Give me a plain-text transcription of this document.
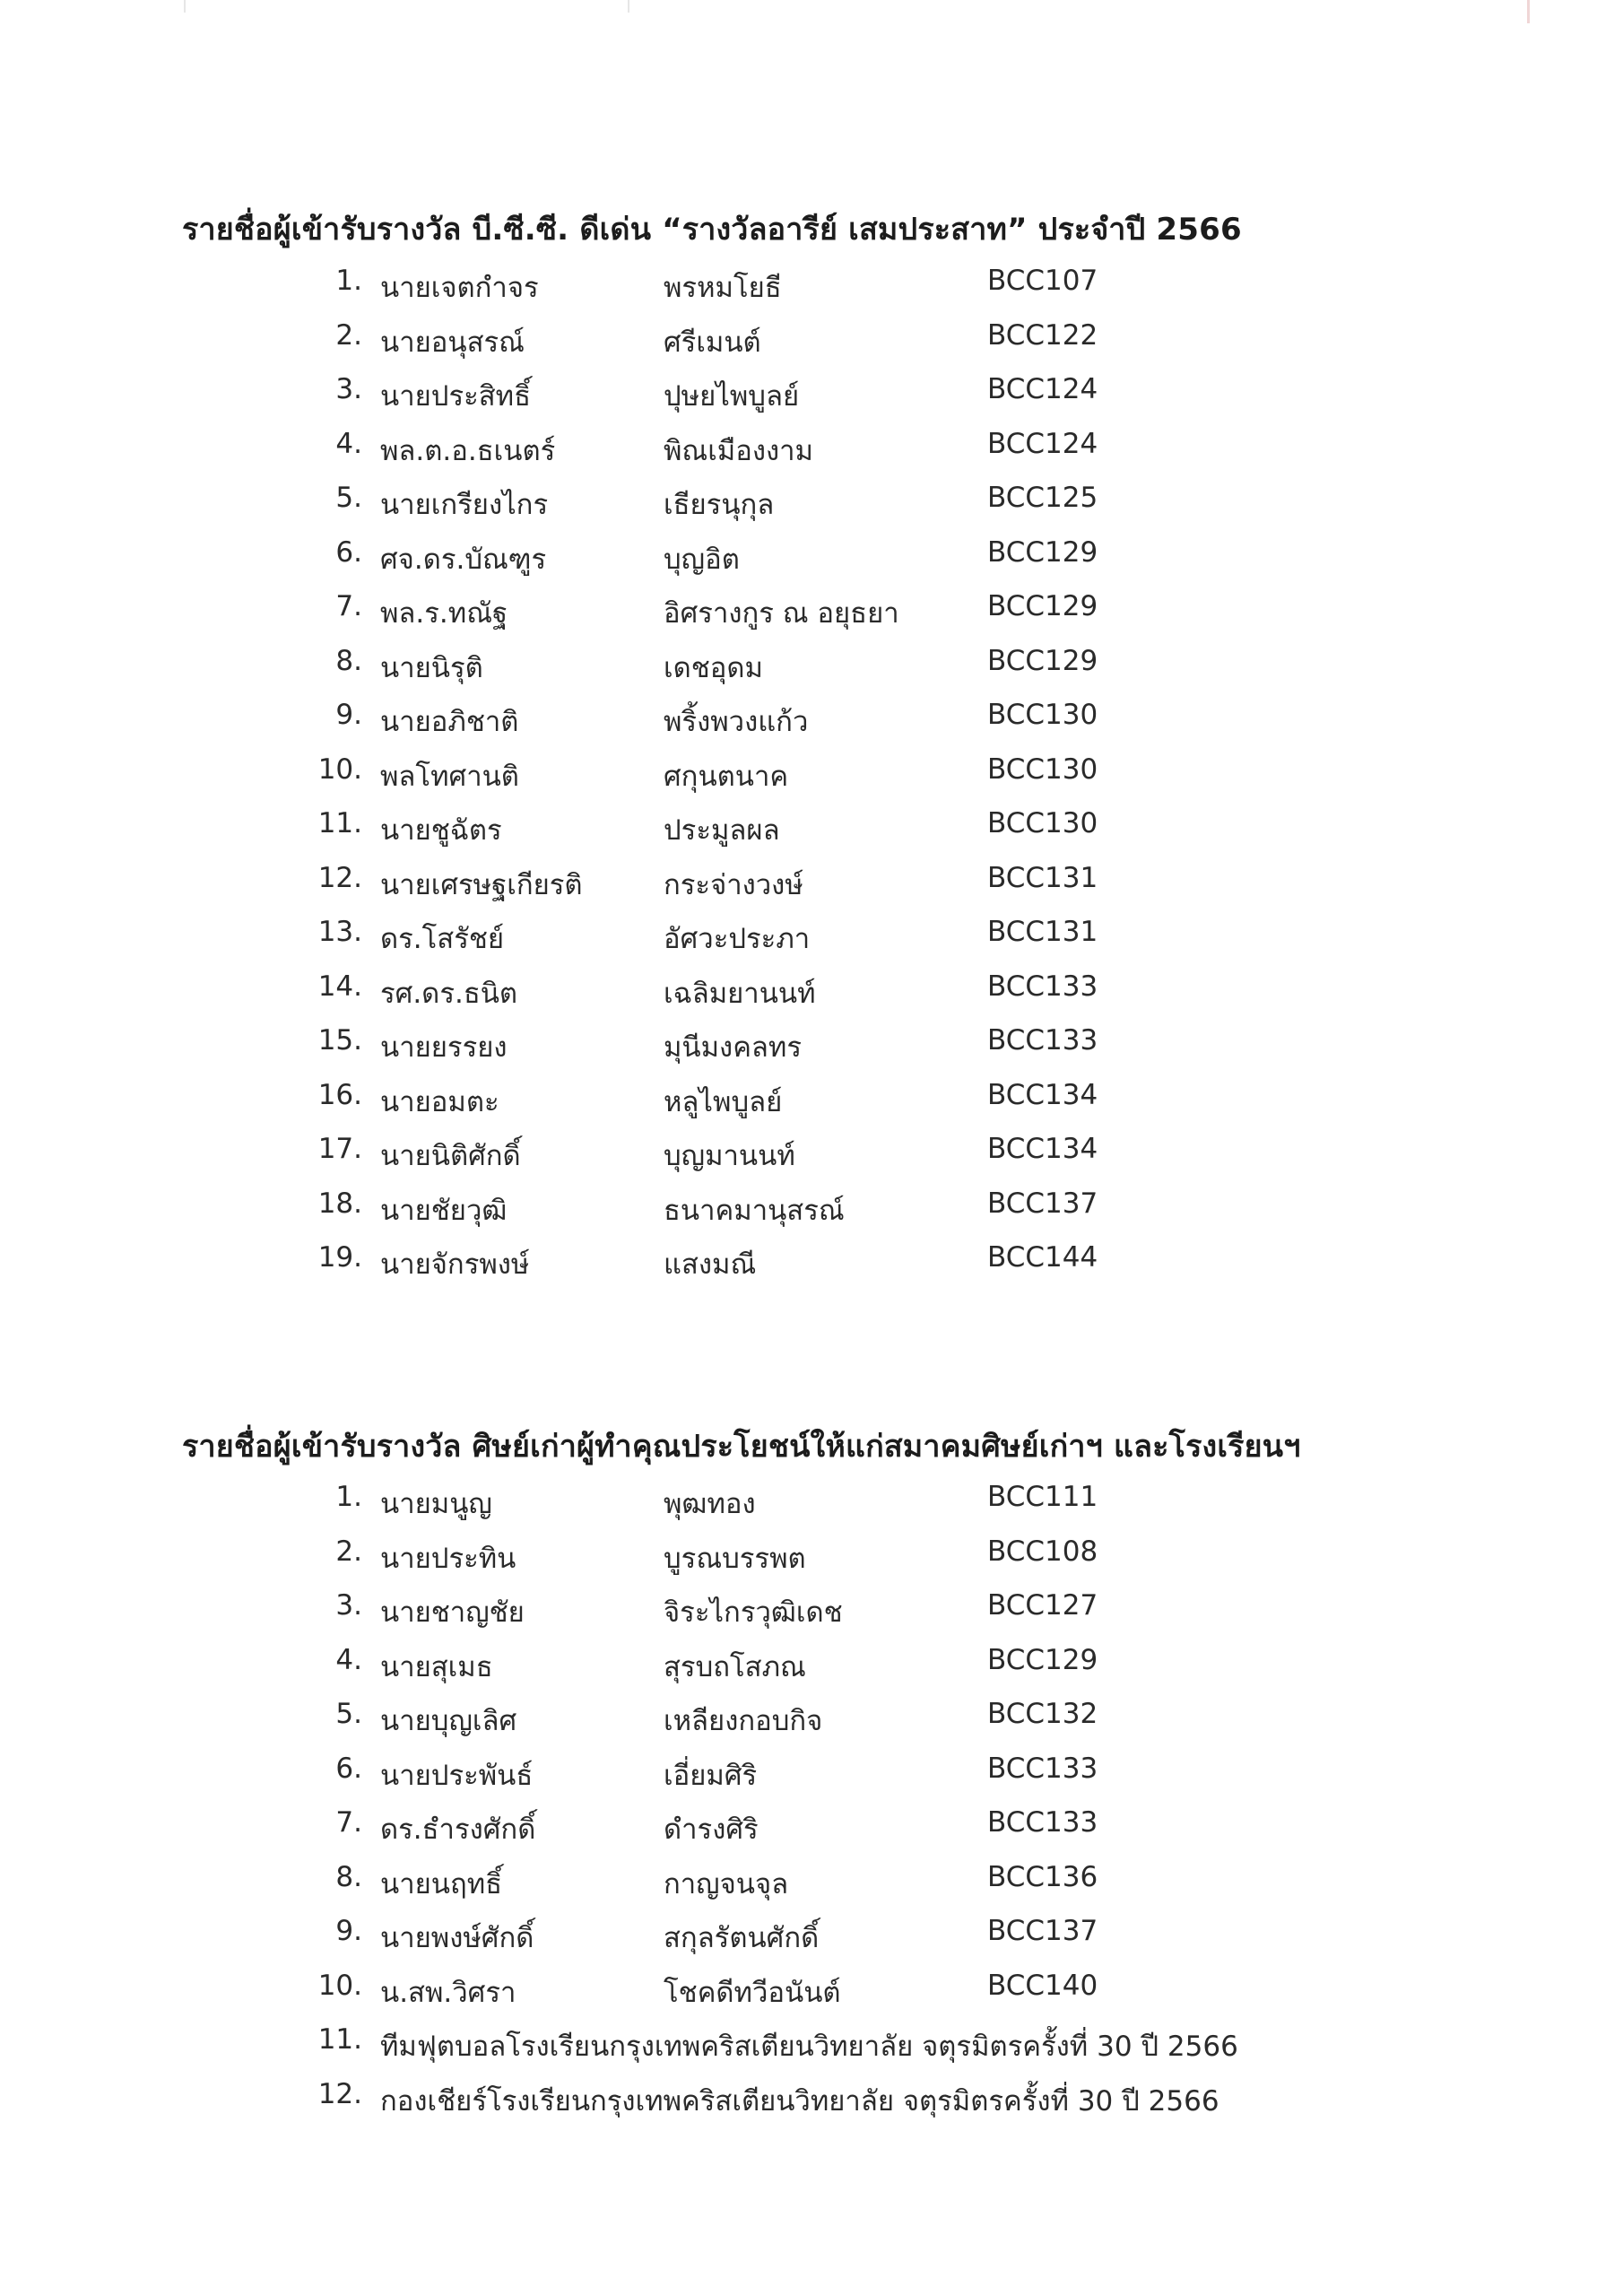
รายชื่อผู้เข้ารับรางวัล บี.ซี.ซี. ดีเด่น “รางวัลอารีย์ เสมประสาท” ประจำปี 2566
1. นายเจตกำจร	พรหมโยธี	BCC107
2. นายอนุสรณ์	ศรีเมนต์	BCC122
3. นายประสิทธิ์	ปุษยไพบูลย์	BCC124
4. พล.ต.อ.ธเนตร์	พิณเมืองงาม	BCC124
5. นายเกรียงไกร	เธียรนุกุล	BCC125
6. ศจ.ดร.บัณฑูร	บุญอิต	BCC129
7. พล.ร.ทณัฐ	อิศรางกูร ณ อยุธยา	BCC129
8. นายนิรุติ	เดชอุดม	BCC129
9. นายอภิชาติ	พริ้งพวงแก้ว	BCC130
10. พลโทศานติ	ศกุนตนาค	BCC130
11. นายชูฉัตร	ประมูลผล	BCC130
12. นายเศรษฐเกียรติ	กระจ่างวงษ์	BCC131
13. ดร.โสรัชย์	อัศวะประภา	BCC131
14. รศ.ดร.ธนิต	เฉลิมยานนท์	BCC133
15. นายยรรยง	มุนีมงคลทร	BCC133
16. นายอมตะ	หลูไพบูลย์	BCC134
17. นายนิติศักดิ์	บุญมานนท์	BCC134
18. นายชัยวุฒิ	ธนาคมานุสรณ์	BCC137
19. นายจักรพงษ์	แสงมณี	BCC144
รายชื่อผู้เข้ารับรางวัล ศิษย์เก่าผู้ทำคุณประโยชน์ให้แก่สมาคมศิษย์เก่าฯ และโรงเรียนฯ
1. นายมนูญ	พุฒทอง	BCC111
2. นายประทิน	บูรณบรรพต	BCC108
3. นายชาญชัย	จิระไกรวุฒิเดช	BCC127
4. นายสุเมธ	สุรบถโสภณ	BCC129
5. นายบุญเลิศ	เหลียงกอบกิจ	BCC132
6. นายประพันธ์	เอี่ยมศิริ	BCC133
7. ดร.ธำรงศักดิ์	ดำรงศิริ	BCC133
8. นายนฤทธิ์	กาญจนจุล	BCC136
9. นายพงษ์ศักดิ์	สกุลรัตนศักดิ์	BCC137
10. น.สพ.วิศรา	โชคดีทวีอนันต์	BCC140
11. ทีมฟุตบอลโรงเรียนกรุงเทพคริสเตียนวิทยาลัย จตุรมิตรครั้งที่ 30 ปี 2566
12. กองเชียร์โรงเรียนกรุงเทพคริสเตียนวิทยาลัย จตุรมิตรครั้งที่ 30 ปี 2566
